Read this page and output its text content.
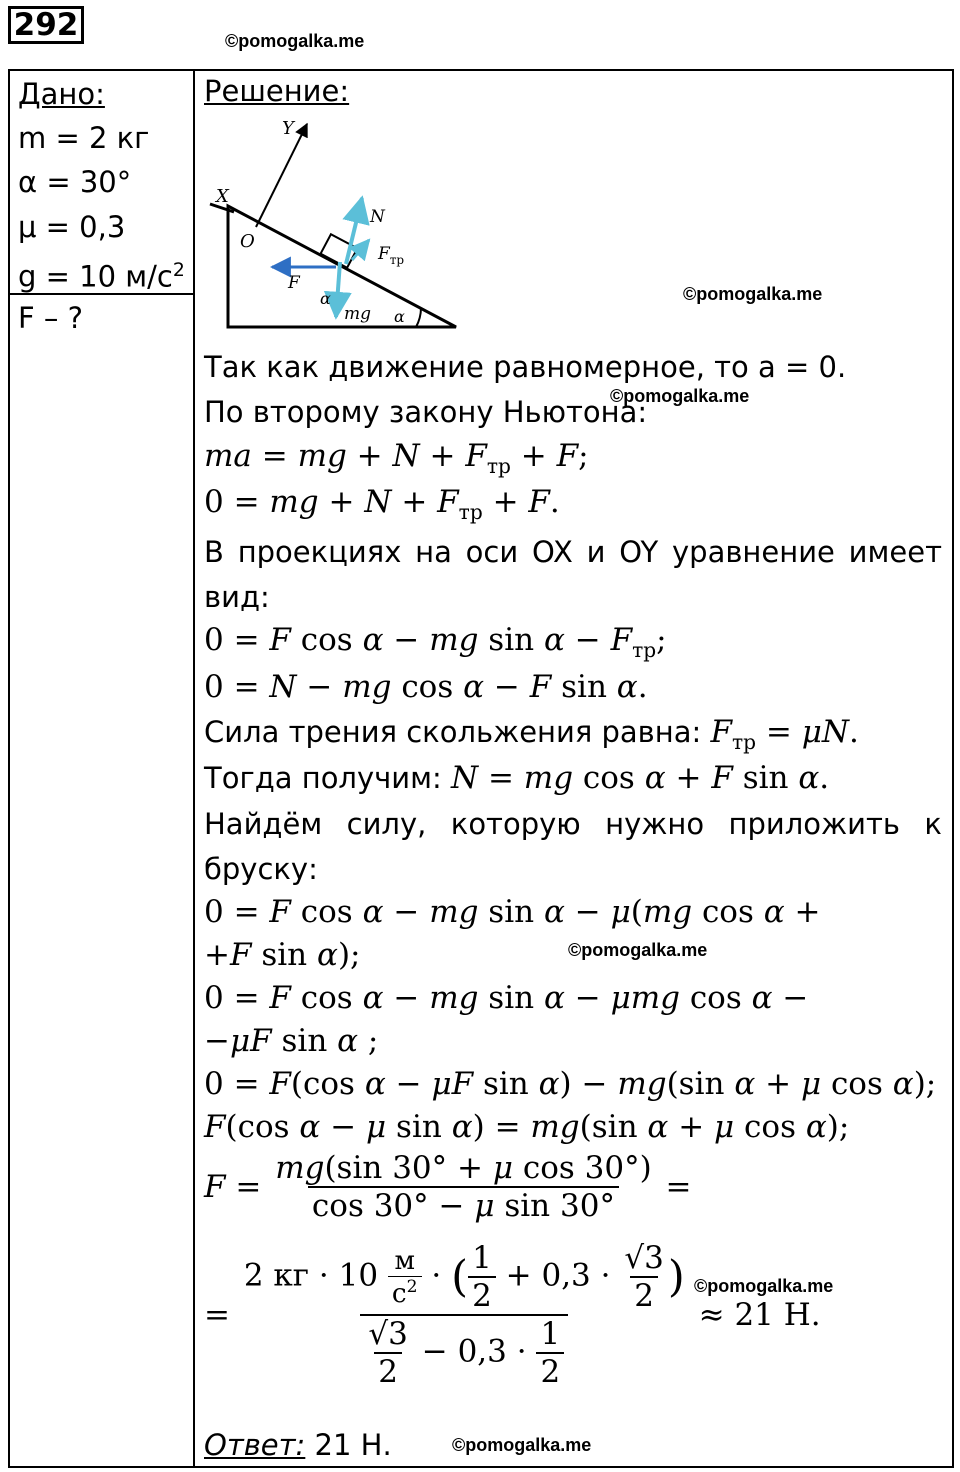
292	©pomogalka.me
Дано:
m = 2 кг
α = 30°
μ = 0,3
g = 10 $м/с^2$
F – ?
Решение:
Y
X
O
N
$F_{тр}$
F
mg α
α	©pomogalka.me
Так как движение равномерное, то a = 0.
©pomogalka.me
По второму закону Ньютона:
ma = mg + $N + F_{тр} + F$;
0 = mg + $N + F_{тр} + F$.
В проекциях на оси OX и OY уравнение имеет
вид:
0 = F cos α − mg $\sin \alpha - F_{тр}$;
0 = N − mg cos α − F sin α.
Сила трения скольжения равна: $F_{тр} = \mu N$.
Тогда получим: N = mg cos α + F sin α.
Найдём силу, которую нужно приложить к
бруску:
0 = F cos α − mg sin α − μ(mg cos α +
+F sin α);	©pomogalka.me
0 = F cos α − mg sin α − μmg cos α −
−μF sin α ;
0 = F(cos α − μF sin α) − mg(sin α + μ cos α);
F(cos α − μ sin α) = mg(sin α + μ cos α);
$F = \frac{\text{mg(sin 30° + μ cos 30°)}}{\text{cos 30° − μ sin 30°}}$ =
= $\frac{2 кг \cdot 10 \frac{м}{с^2} \cdot ( \frac{1}{2} + 0,3 \cdot \frac{√3}{2} )}{\frac{√3}{2} - 0,3 \cdot \frac{1}{2}} \approx 21$ Н.
©pomogalka.me
Ответ: 21 Н.	©pomogalka.me
